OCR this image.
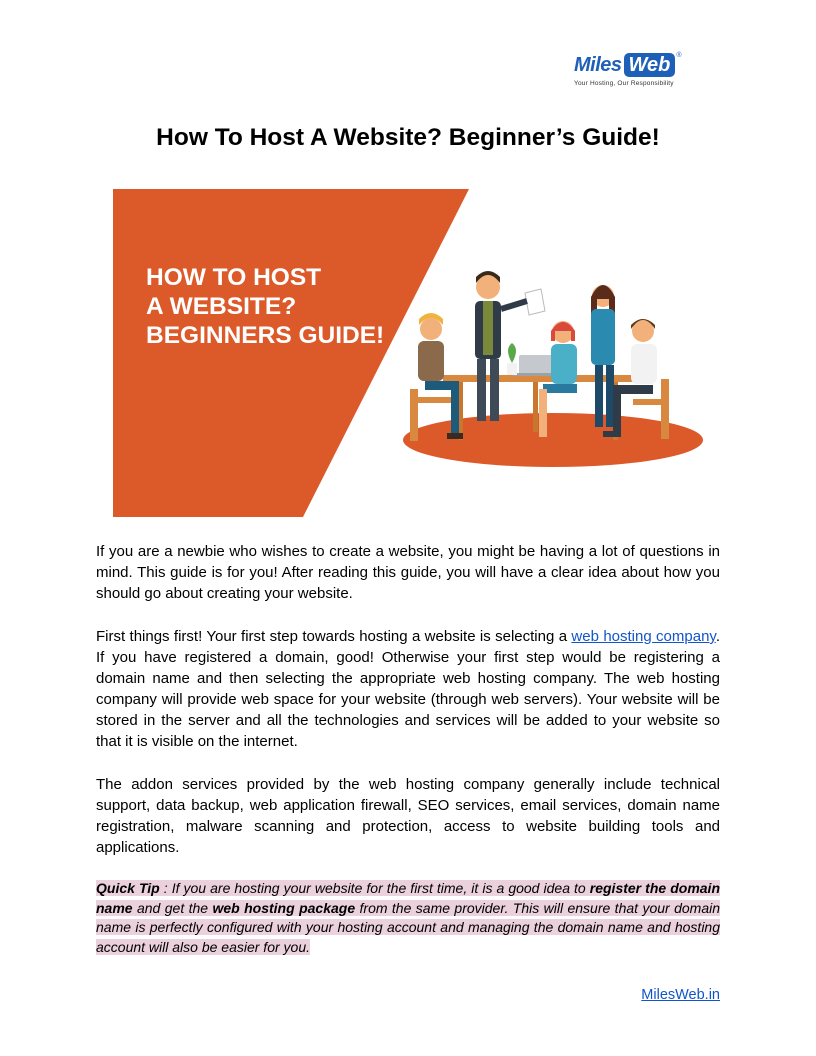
Miles Web ®
Your Hosting, Our Responsibility
How To Host A Website? Beginner’s Guide!
HOW TO HOST
A WEBSITE?
BEGINNERS GUIDE!

If you are a newbie who wishes to create a website, you might be having a lot of questions in mind. This guide is for you! After reading this guide, you will have a clear idea about how you should go about creating your website.

First things first! Your first step towards hosting a website is selecting a web hosting company. If you have registered a domain, good! Otherwise your first step would be registering a domain name and then selecting the appropriate web hosting company. The web hosting company will provide web space for your website (through web servers). Your website will be stored in the server and all the technologies and services will be added to your website so that it is visible on the internet.

The addon services provided by the web hosting company generally include technical support, data backup, web application firewall, SEO services, email services, domain name registration, malware scanning and protection, access to website building tools and applications.

Quick Tip : If you are hosting your website for the first time, it is a good idea to register the domain name and get the web hosting package from the same provider. This will ensure that your domain name is perfectly configured with your hosting account and managing the domain name and hosting account will also be easier for you.

MilesWeb.in
